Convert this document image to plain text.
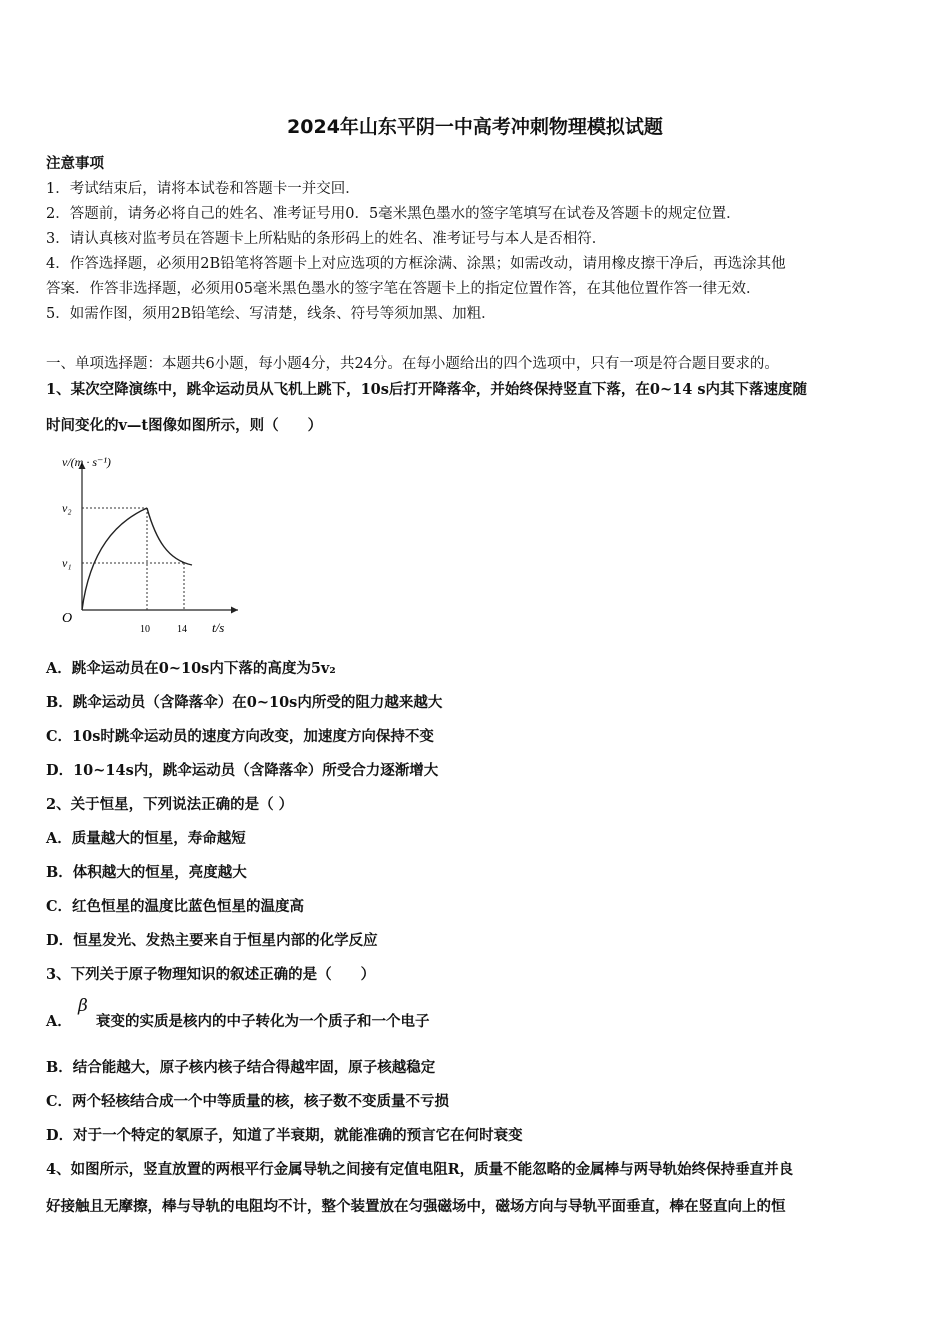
2024年山东平阴一中高考冲刺物理模拟试题
注意事项
1．考试结束后，请将本试卷和答题卡一并交回．
2．答题前，请务必将自己的姓名、准考证号用0．5毫米黑色墨水的签字笔填写在试卷及答题卡的规定位置．
3．请认真核对监考员在答题卡上所粘贴的条形码上的姓名、准考证号与本人是否相符．
4．作答选择题，必须用2B铅笔将答题卡上对应选项的方框涂满、涂黑；如需改动，请用橡皮擦干净后，再选涂其他
答案．作答非选择题，必须用05毫米黑色墨水的签字笔在答题卡上的指定位置作答，在其他位置作答一律无效．
5．如需作图，须用2B铅笔绘、写清楚，线条、符号等须加黑、加粗．
一、单项选择题：本题共6小题，每小题4分，共24分。在每小题给出的四个选项中，只有一项是符合题目要求的。
1、某次空降演练中，跳伞运动员从飞机上跳下，10s后打开降落伞，并始终保持竖直下落，在0~14 s内其下落速度随
时间变化的v—t图像如图所示，则（　　）
v/(m · s⁻¹)
v₂
v₁
O
10	14 t/s
A．跳伞运动员在0~10s内下落的高度为5v₂
B．跳伞运动员（含降落伞）在0~10s内所受的阻力越来越大
C．10s时跳伞运动员的速度方向改变，加速度方向保持不变
D．10~14s内，跳伞运动员（含降落伞）所受合力逐渐增大
2、关于恒星，下列说法正确的是（ ）
A．质量越大的恒星，寿命越短
B．体积越大的恒星，亮度越大
C．红色恒星的温度比蓝色恒星的温度高
D．恒星发光、发热主要来自于恒星内部的化学反应
3、下列关于原子物理知识的叙述正确的是（　　）
A．
β
衰变的实质是核内的中子转化为一个质子和一个电子
B．结合能越大，原子核内核子结合得越牢固，原子核越稳定
C．两个轻核结合成一个中等质量的核，核子数不变质量不亏损
D．对于一个特定的氡原子，知道了半衰期，就能准确的预言它在何时衰变
4、如图所示，竖直放置的两根平行金属导轨之间接有定值电阻R，质量不能忽略的金属棒与两导轨始终保持垂直并良
好接触且无摩擦，棒与导轨的电阻均不计，整个装置放在匀强磁场中，磁场方向与导轨平面垂直，棒在竖直向上的恒
